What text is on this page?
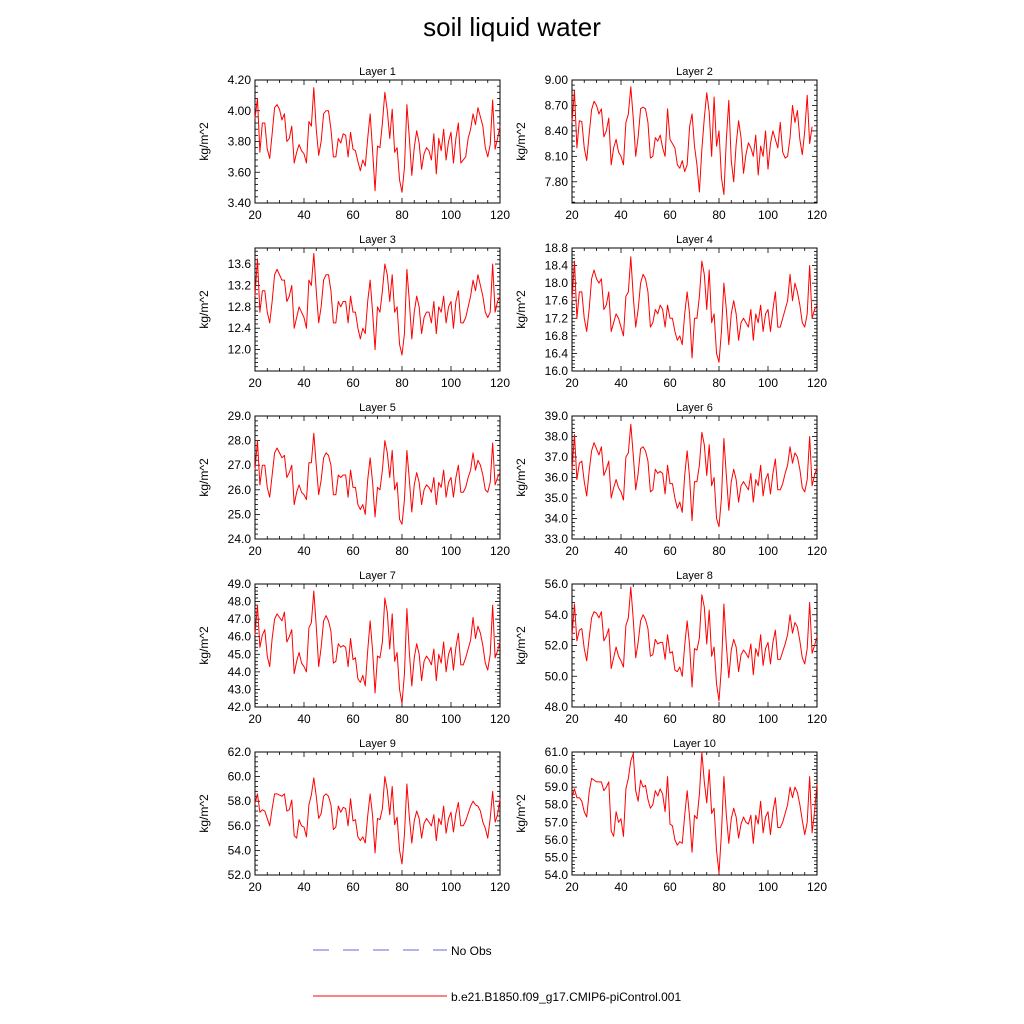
soil liquid water
Layer 1
20	40	60	80	100 120
3.40
3.60
3.80
4.00
4.20
kg/m^2
Layer 2
20	40	60	80	100 120
7.80
8.10
8.40
8.70
9.00
kg/m^2
Layer 3
20	40	60	80	100 120
12.0
12.4
12.8
13.2
13.6
kg/m^2
Layer 4
20	40	60	80	100 120
16.0
16.4
16.8
17.2
17.6
18.0
18.4
18.8
kg/m^2
Layer 5
20	40	60	80	100 120
24.0
25.0
26.0
27.0
28.0
29.0
kg/m^2
Layer 6
20	40	60	80	100 120
33.0
34.0
35.0
36.0
37.0
38.0
39.0
kg/m^2
Layer 7
20	40	60	80	100 120
42.0
43.0
44.0
45.0
46.0
47.0
48.0
49.0
kg/m^2
Layer 8
20	40	60	80	100 120
48.0
50.0
52.0
54.0
56.0
kg/m^2
Layer 9
20	40	60	80	100 120
52.0
54.0
56.0
58.0
60.0
62.0
kg/m^2
Layer 10
20	40	60	80	100 120
54.0
55.0
56.0
57.0
58.0
59.0
60.0
61.0
kg/m^2
No Obs
b.e21.B1850.f09_g17.CMIP6-piControl.001
